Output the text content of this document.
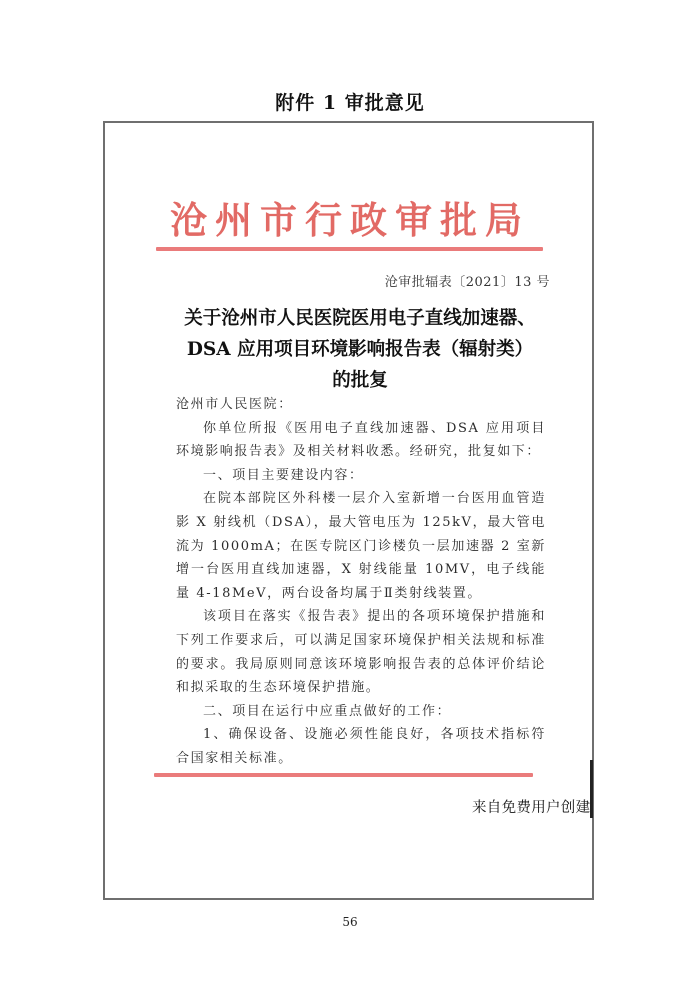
附件 1 审批意见
沧州市行政审批局
沧审批辐表〔2021〕13 号
关于沧州市人民医院医用电子直线加速器、
DSA 应用项目环境影响报告表（辐射类）
的批复

沧州市人民医院：

你单位所报《医用电子直线加速器、DSA 应用项目环境影响报告表》及相关材料收悉。经研究，批复如下：

一、项目主要建设内容：

在院本部院区外科楼一层介入室新增一台医用血管造影 X 射线机（DSA），最大管电压为 125kV，最大管电流为 1000mA；在医专院区门诊楼负一层加速器 2 室新增一台医用直线加速器，X 射线能量 10MV，电子线能量 4-18MeV，两台设备均属于Ⅱ类射线装置。

该项目在落实《报告表》提出的各项环境保护措施和下列工作要求后，可以满足国家环境保护相关法规和标准的要求。我局原则同意该环境影响报告表的总体评价结论和拟采取的生态环境保护措施。

二、项目在运行中应重点做好的工作：

1、确保设备、设施必须性能良好，各项技术指标符合国家相关标准。

来自免费用户创建
56
